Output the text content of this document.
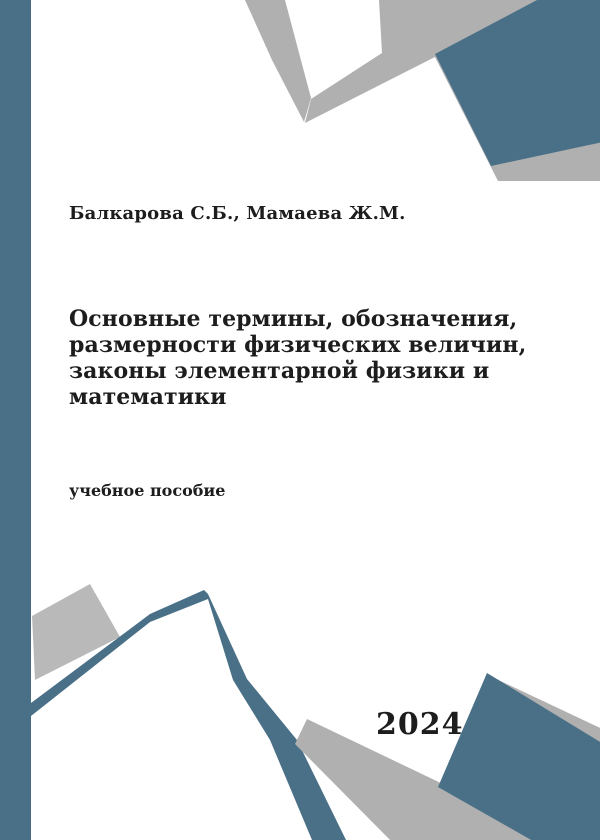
Балкарова С.Б., Мамаева Ж.М.
Основные термины, обозначения,
размерности физических величин,
законы элементарной физики и
математики
учебное пособие
2024
